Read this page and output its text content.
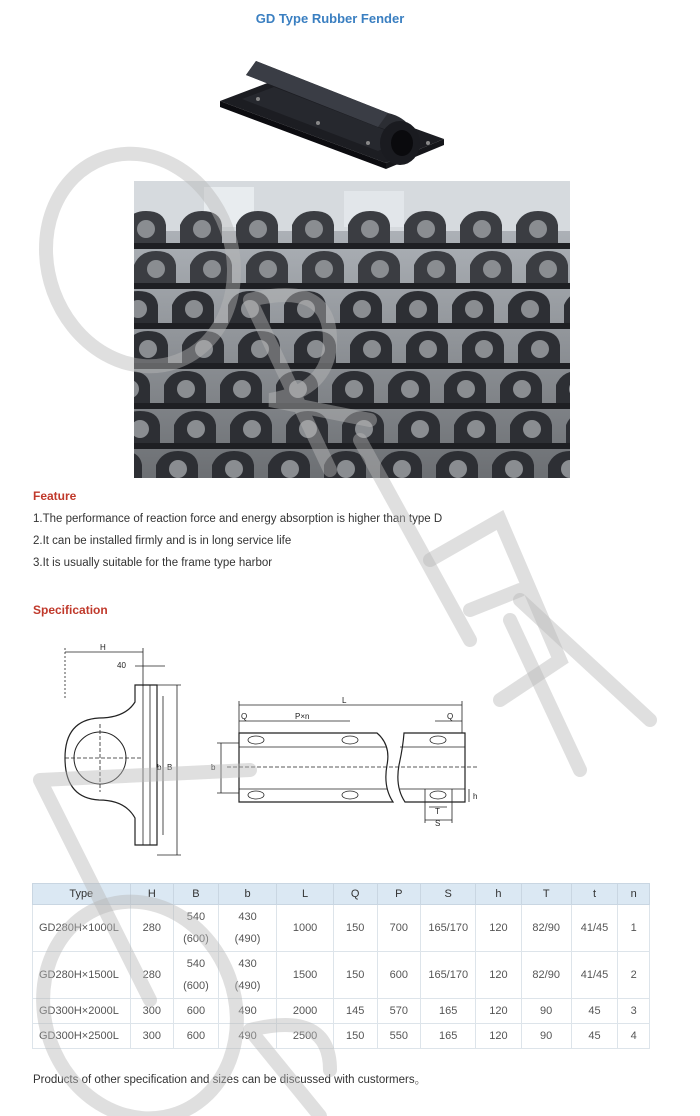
GD Type Rubber Fender
Feature
1.The performance of reaction force and energy absorption is higher than type D
2.It can be installed firmly and is in long service life
3.It is usually suitable for the frame type harbor
Specification
H
40
b B
L
Q	P×n	Q
b
h
T
S
Type	H	B	b	L	Q	P	S	h	T	t	n
GD280H×1000L	280	540
(600)	430
(490)	1000	150	700	165/170	120	82/90	41/45	1
GD280H×1500L	280	540
(600)	430
(490)	1500	150	600	165/170	120	82/90	41/45	2
GD300H×2000L	300	600	490	2000	145	570	165	120	90	45	3
GD300H×2500L	300	600	490	2500	150	550	165	120	90	45	4
Products of other specification and sizes can be discussed with custormers。
